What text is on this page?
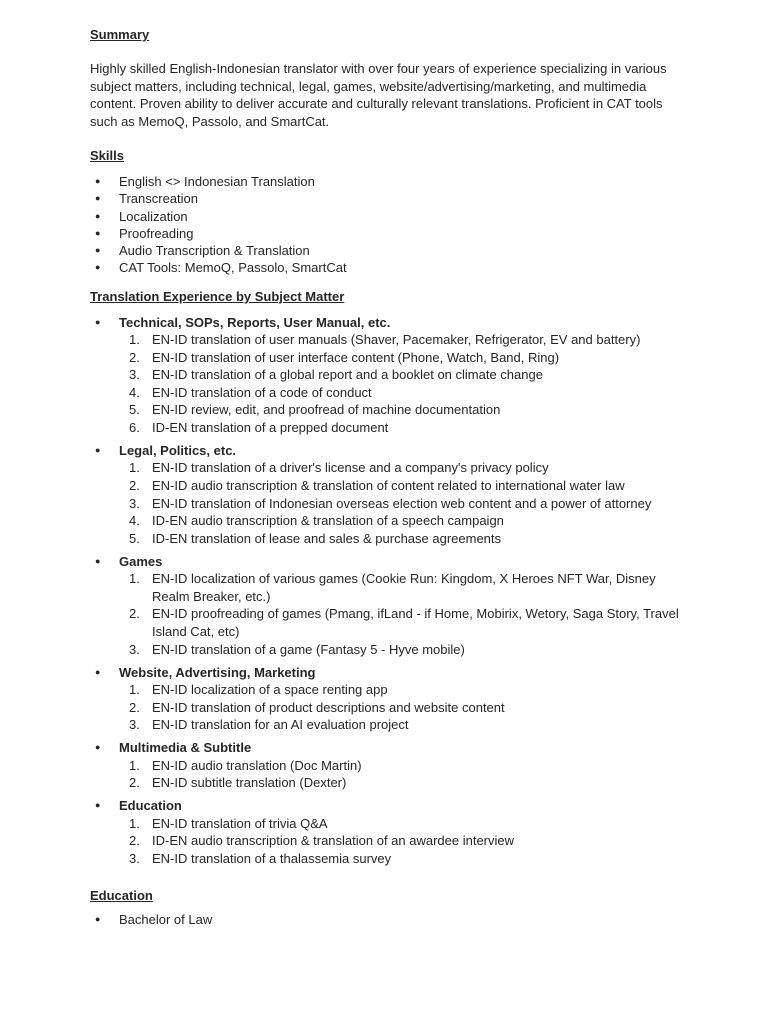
Summary

Highly skilled English-Indonesian translator with over four years of experience specializing in various subject matters, including technical, legal, games, website/advertising/marketing, and multimedia content. Proven ability to deliver accurate and culturally relevant translations. Proficient in CAT tools such as MemoQ, Passolo, and SmartCat.

Skills

● English <> Indonesian Translation
● Transcreation
● Localization
● Proofreading
● Audio Transcription & Translation
● CAT Tools: MemoQ, Passolo, SmartCat

Translation Experience by Subject Matter

● Technical, SOPs, Reports, User Manual, etc.
1. EN-ID translation of user manuals (Shaver, Pacemaker, Refrigerator, EV and battery)
2. EN-ID translation of user interface content (Phone, Watch, Band, Ring)
3. EN-ID translation of a global report and a booklet on climate change
4. EN-ID translation of a code of conduct
5. EN-ID review, edit, and proofread of machine documentation
6. ID-EN translation of a prepped document
● Legal, Politics, etc.
1. EN-ID translation of a driver's license and a company's privacy policy
2. EN-ID audio transcription & translation of content related to international water law
3. EN-ID translation of Indonesian overseas election web content and a power of attorney
4. ID-EN audio transcription & translation of a speech campaign
5. ID-EN translation of lease and sales & purchase agreements
● Games
1. EN-ID localization of various games (Cookie Run: Kingdom, X Heroes NFT War, Disney Realm Breaker, etc.)
2. EN-ID proofreading of games (Pmang, ifLand - if Home, Mobirix, Wetory, Saga Story, Travel Island Cat, etc)
3. EN-ID translation of a game (Fantasy 5 - Hyve mobile)
● Website, Advertising, Marketing
1. EN-ID localization of a space renting app
2. EN-ID translation of product descriptions and website content
3. EN-ID translation for an AI evaluation project
● Multimedia & Subtitle
1. EN-ID audio translation (Doc Martin)
2. EN-ID subtitle translation (Dexter)
● Education
1. EN-ID translation of trivia Q&A
2. ID-EN audio transcription & translation of an awardee interview
3. EN-ID translation of a thalassemia survey

Education

● Bachelor of Law
